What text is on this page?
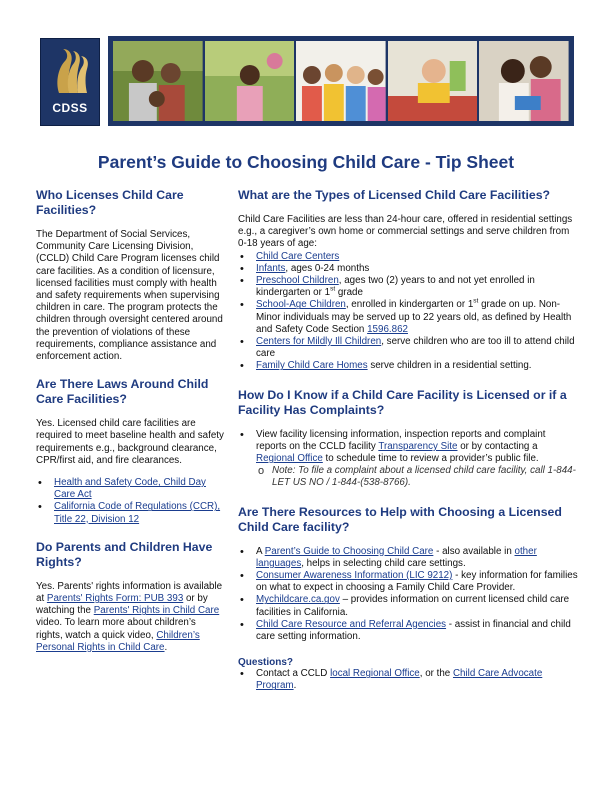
CDSS
Parent’s Guide to Choosing Child Care - Tip Sheet
Who Licenses Child Care Facilities?

The Department of Social Services, Community Care Licensing Division, (CCLD) Child Care Program licenses child care facilities. As a condition of licensure, licensed facilities must comply with health and safety requirements when supervising children in care. The program protects the children through oversight centered around the prevention of violations of these requirements, compliance assistance and enforcement action.

Are There Laws Around Child Care Facilities?

Yes. Licensed child care facilities are required to meet baseline health and safety requirements e.g., background clearance, CPR/first aid, and fire clearances.

• Health and Safety Code, Child Day Care Act
• California Code of Regulations (CCR), Title 22, Division 12
Do Parents and Children Have Rights?

Yes. Parents' rights information is available at Parents' Rights Form: PUB 393 or by watching the Parents' Rights in Child Care video. To learn more about children’s rights, watch a quick video, Children’s Personal Rights in Child Care.

What are the Types of Licensed Child Care Facilities?

Child Care Facilities are less than 24-hour care, offered in residential settings e.g., a caregiver’s own home or commercial settings and serve children from 0-18 years of age:

• Child Care Centers
• Infants, ages 0-24 months
• Preschool Children, ages two (2) years to and not yet enrolled in kindergarten or 1st grade
• School-Age Children, enrolled in kindergarten or 1st grade on up. Non-Minor individuals may be served up to 22 years old, as defined by Health and Safety Code Section 1596.862
• Centers for Mildly Ill Children, serve children who are too ill to attend child care
• Family Child Care Homes serve children in a residential setting.
How Do I Know if a Child Care Facility is Licensed or if a Facility Has Complaints?
• View facility licensing information, inspection reports and complaint reports on the CCLD facility Transparency Site or by contacting a Regional Office to schedule time to review a provider’s public file.
o Note: To file a complaint about a licensed child care facility, call 1-844-LET US NO / 1-844-(538-8766).
Are There Resources to Help with Choosing a Licensed Child Care facility?
• A Parent’s Guide to Choosing Child Care - also available in other languages, helps in selecting child care settings.
• Consumer Awareness Information (LIC 9212) - key information for families on what to expect in choosing a Family Child Care Provider.
• Mychildcare.ca.gov – provides information on current licensed child care facilities in California.
• Child Care Resource and Referral Agencies - assist in financial and child care setting information.
Questions?
• Contact a CCLD local Regional Office, or the Child Care Advocate Program.
